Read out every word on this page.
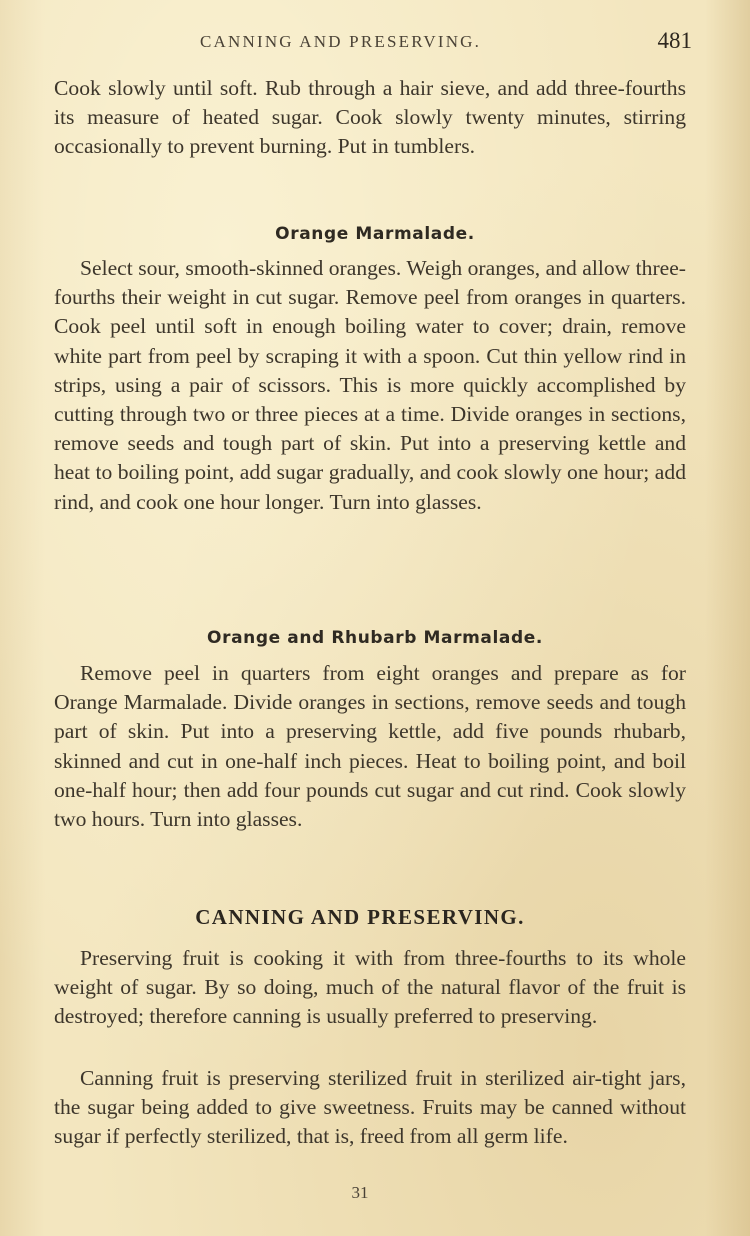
CANNING AND PRESERVING.	481

Cook slowly until soft. Rub through a hair sieve, and add three-fourths its measure of heated sugar. Cook slowly twenty minutes, stirring occasionally to prevent burning. Put in tumblers.

Orange Marmalade.

Select sour, smooth-skinned oranges. Weigh oranges, and allow three-fourths their weight in cut sugar. Remove peel from oranges in quarters. Cook peel until soft in enough boiling water to cover; drain, remove white part from peel by scraping it with a spoon. Cut thin yellow rind in strips, using a pair of scissors. This is more quickly accomplished by cutting through two or three pieces at a time. Divide oranges in sections, remove seeds and tough part of skin. Put into a preserving kettle and heat to boiling point, add sugar gradually, and cook slowly one hour; add rind, and cook one hour longer. Turn into glasses.

Orange and Rhubarb Marmalade.

Remove peel in quarters from eight oranges and prepare as for Orange Marmalade. Divide oranges in sections, remove seeds and tough part of skin. Put into a preserving kettle, add five pounds rhubarb, skinned and cut in one-half inch pieces. Heat to boiling point, and boil one-half hour; then add four pounds cut sugar and cut rind. Cook slowly two hours. Turn into glasses.

CANNING AND PRESERVING.

Preserving fruit is cooking it with from three-fourths to its whole weight of sugar. By so doing, much of the natural flavor of the fruit is destroyed; therefore canning is usually preferred to preserving.

Canning fruit is preserving sterilized fruit in sterilized air-tight jars, the sugar being added to give sweetness. Fruits may be canned without sugar if perfectly sterilized, that is, freed from all germ life.

31
